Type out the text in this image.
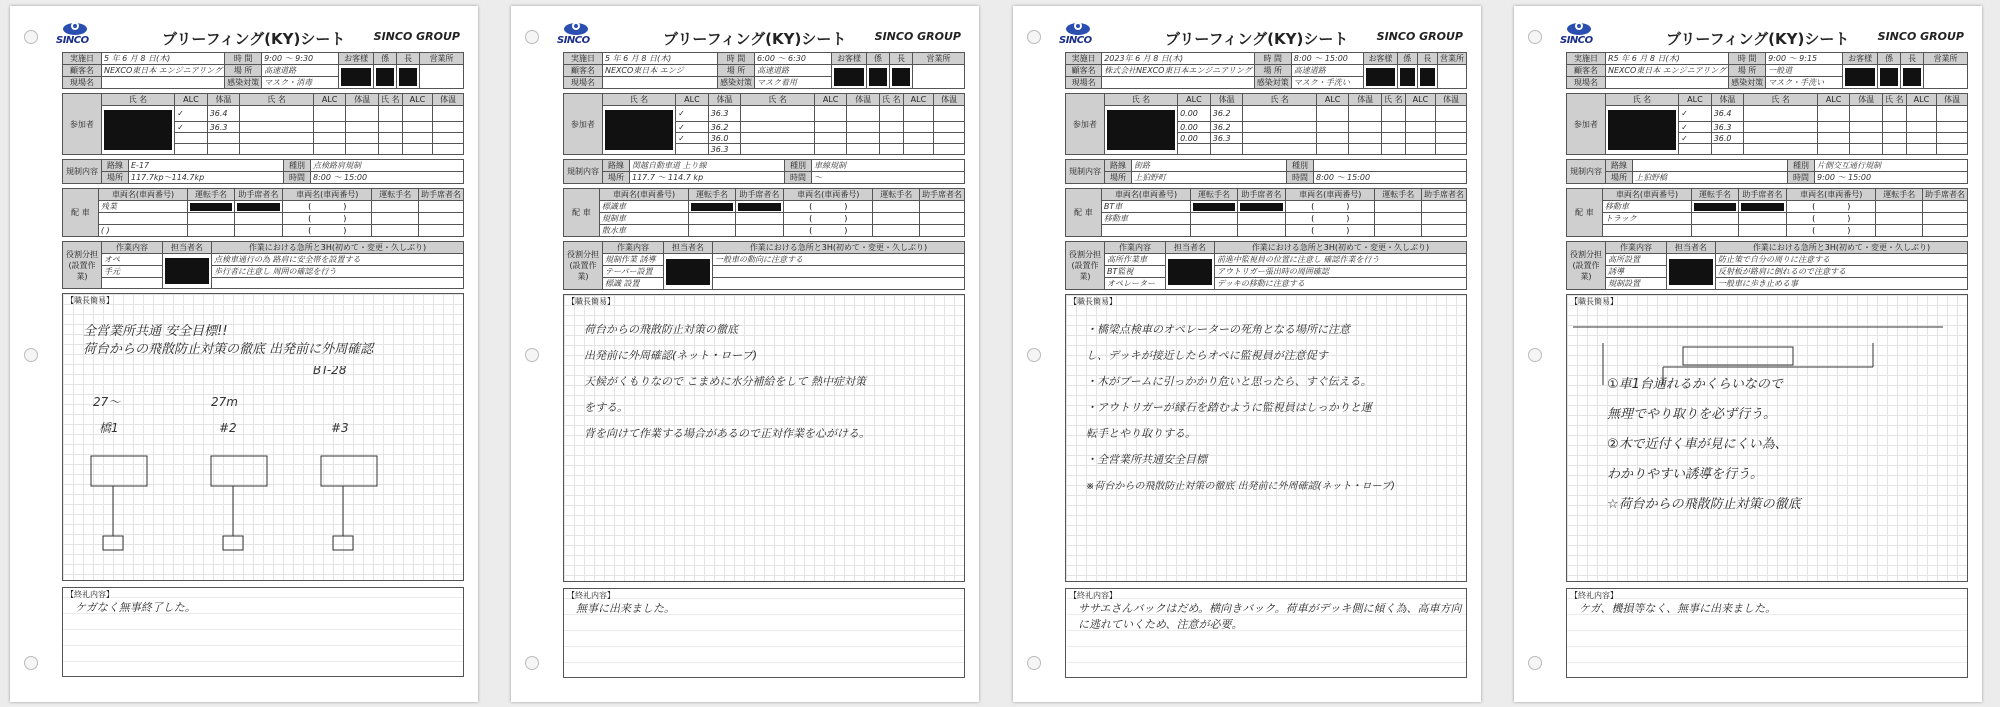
SINCO	ブリーフィング(KY)シート	SINCO GROUP
実施日	5 年 6 月 8 日(木)	時 間	9:00 〜 9:30	お客様	係	長	営業所
顧客名	NEXCO東日本 エンジニアリング	場 所	高速道路	

現場名		感染対策	マスク・消毒				
参加者	氏 名	ALC	体温	氏 名	ALC	体温	氏 名	ALC	体温

		✓	36.4						
		✓	36.3						

規制内容	路線	E-17	種別	点検路肩規制
	場所	117.7kp〜114.7kp	時間	8:00 〜 15:00
配 車	車両名(車両番号)	運転手名	助手席者名	車両名(車両番号)	運転手名	助手席者名
	残業			(　　　　)		
				(　　　　)		
	( )			(　　　　)		
役割分担(設置作業)	作業内容	担当者名	作業における急所と3H(初めて・変更・久しぶり)
	オペ		点検車通行の為 路肩に安全帯を設置する
	手元		歩行者に注意し 周囲の確認を行う

【職長簡易】
全営業所共通 安全目標!!
荷台からの飛散防止対策の徹底 出発前に外周確認
27〜
橋1
27m
#2
BT-28
#3
【終礼内容】
ケガなく無事終了した。
SINCO	ブリーフィング(KY)シート	SINCO GROUP
実施日	5 年 6 月 8 日(木)	時 間	6:00 〜 6:30	お客様	係	長	営業所
顧客名	NEXCO東日本 エンジ	場 所	高速道路	

現場名		感染対策	マスク着用				
参加者	氏 名	ALC	体温	氏 名	ALC	体温	氏 名	ALC	体温

		✓	36.3						
		✓	36.2						
		✓	36.0						
			36.3						
規制内容	路線	関越自動車道 上り線	種別	車線規制
	場所	117.7 〜 114.7 kp	時間	〜
配 車	車両名(車両番号)	運転手名	助手席者名	車両名(車両番号)	運転手名	助手席者名
	標識車			(　　　　)		
	規制車			(　　　　)		
	散水車			(　　　　)		
役割分担(設置作業)	作業内容	担当者名	作業における急所と3H(初めて・変更・久しぶり)
	規制作業 誘導		一般車の動向に注意する
	テーパー設置		
	標識 設置		
【職長簡易】
荷台からの飛散防止対策の徹底
出発前に外周確認(ネット・ロープ)
天候がくもりなので こまめに水分補給をして 熱中症対策
をする。
背を向けて作業する場合があるので正対作業を心がける。
【終礼内容】
無事に出来ました。
SINCO	ブリーフィング(KY)シート	SINCO GROUP
実施日	2023年 6 月 8 日(木)	時 間	8:00 〜 15:00	お客様	係	長	営業所
顧客名	株式会社NEXCO東日本エンジニアリング	場 所	高速道路	

現場名		感染対策	マスク・手洗い				
参加者	氏 名	ALC	体温	氏 名	ALC	体温	氏 名	ALC	体温

		0.00	36.2						
		0.00	36.2						
		0.00	36.3						

規制内容	路線	街路	種別	
	場所	上狛野町	時間	8:00 〜 15:00
配 車	車両名(車両番号)	運転手名	助手席者名	車両名(車両番号)	運転手名	助手席者名
	BT車			(　　　　)		
	移動車			(　　　　)		
				(　　　　)		
役割分担(設置作業)	作業内容	担当者名	作業における急所と3H(初めて・変更・久しぶり)
	高所作業車		前進中監視員の位置に注意し 確認作業を行う
	BT監視		アウトリガー張出時の周囲確認
	オペレーター		デッキの移動に注意する
【職長簡易】
・橋梁点検車のオペレーターの死角となる場所に注意
し、デッキが接近したらオペに監視員が注意促す
・木がブームに引っかかり危いと思ったら、すぐ伝える。
・アウトリガーが縁石を踏むように監視員はしっかりと運
転手とやり取りする。
・全営業所共通安全目標
※荷台からの飛散防止対策の徹底 出発前に外周確認(ネット・ロープ)
【終礼内容】
ササエさんバックはだめ。横向きバック。荷車がデッキ側に傾く為、高車方向に逃れていくため、注意が必要。
SINCO	ブリーフィング(KY)シート	SINCO GROUP
実施日	R5 年 6 月 8 日(木)	時 間	9:00 〜 9:15	お客様	係	長	営業所
顧客名	NEXCO東日本 エンジニアリング	場 所	一般道	

現場名		感染対策	マスク・手洗い				
参加者	氏 名	ALC	体温	氏 名	ALC	体温	氏 名	ALC	体温

		✓	36.4						
		✓	36.3						
		✓	36.0						

規制内容	路線		種別	片側交互通行規制
	場所	上狛野橋	時間	9:00 〜 15:00
配 車	車両名(車両番号)	運転手名	助手席者名	車両名(車両番号)	運転手名	助手席者名
	移動車			(　　　　)		
	トラック			(　　　　)		
				(　　　　)		
役割分担(設置作業)	作業内容	担当者名	作業における急所と3H(初めて・変更・久しぶり)
	高所設置		防止策で自分の周りに注意する
	誘導		反射板が路肩に倒れるので注意する
	規制設置		一般車に歩き止める事
【職長簡易】
①車1台通れるかくらいなので
無理でやり取りを必ず行う。
②木で近付く車が見にくい為、
わかりやすい誘導を行う。
☆荷台からの飛散防止対策の徹底
【終礼内容】
ケガ、機損等なく、無事に出来ました。
